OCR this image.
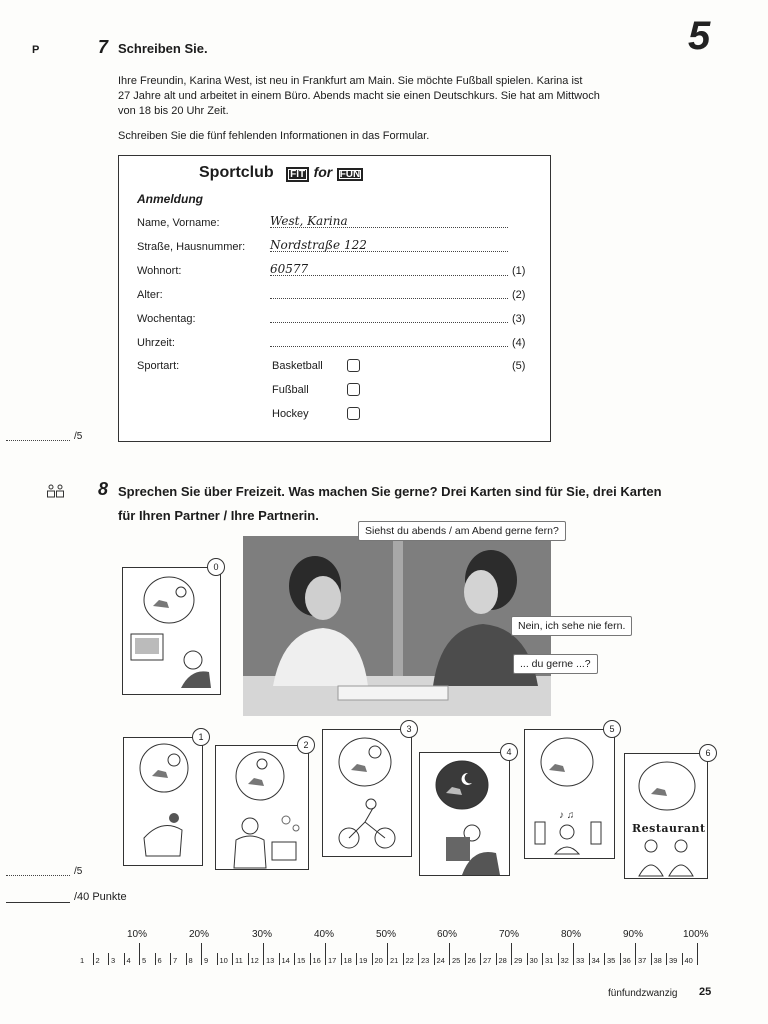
P	5
7 Schreiben Sie.
Ihre Freundin, Karina West, ist neu in Frankfurt am Main. Sie möchte Fußball spielen. Karina ist
27 Jahre alt und arbeitet in einem Büro. Abends macht sie einen Deutschkurs. Sie hat am Mittwoch
von 18 bis 20 Uhr Zeit.
Schreiben Sie die fünf fehlenden Informationen in das Formular.
Sportclub FIT for FUN
Anmeldung
Name, Vorname:	West, Karina
Straße, Hausnummer: Nordstraße 122
Wohnort:	60577	(1)
Alter:	(2)
Wochentag:	(3)
Uhrzeit:	(4)
Sportart:	(5)
Basketball
Fußball
Hockey
/5
8 Sprechen Sie über Freizeit. Was machen Sie gerne? Drei Karten sind für Sie, drei Karten
für Ihren Partner / Ihre Partnerin.
Siehst du abends / am Abend gerne fern?
Nein, ich sehe nie fern.
... du gerne ...?
0
1
2
3
4
♪ ♫
5
Restaurant
6
/5
/40 Punkte
10%	20%	30%	40%	50%	60%	70%	80%	90%	100%
1 2 3 4 5 6 7 8 9 10 11 12 13 14 15 16 17 18 19 20 21 22 23 24 25 26 27 28 29 30 31 32 33 34 35 36 37 38 39 40
fünfundzwanzig 25
